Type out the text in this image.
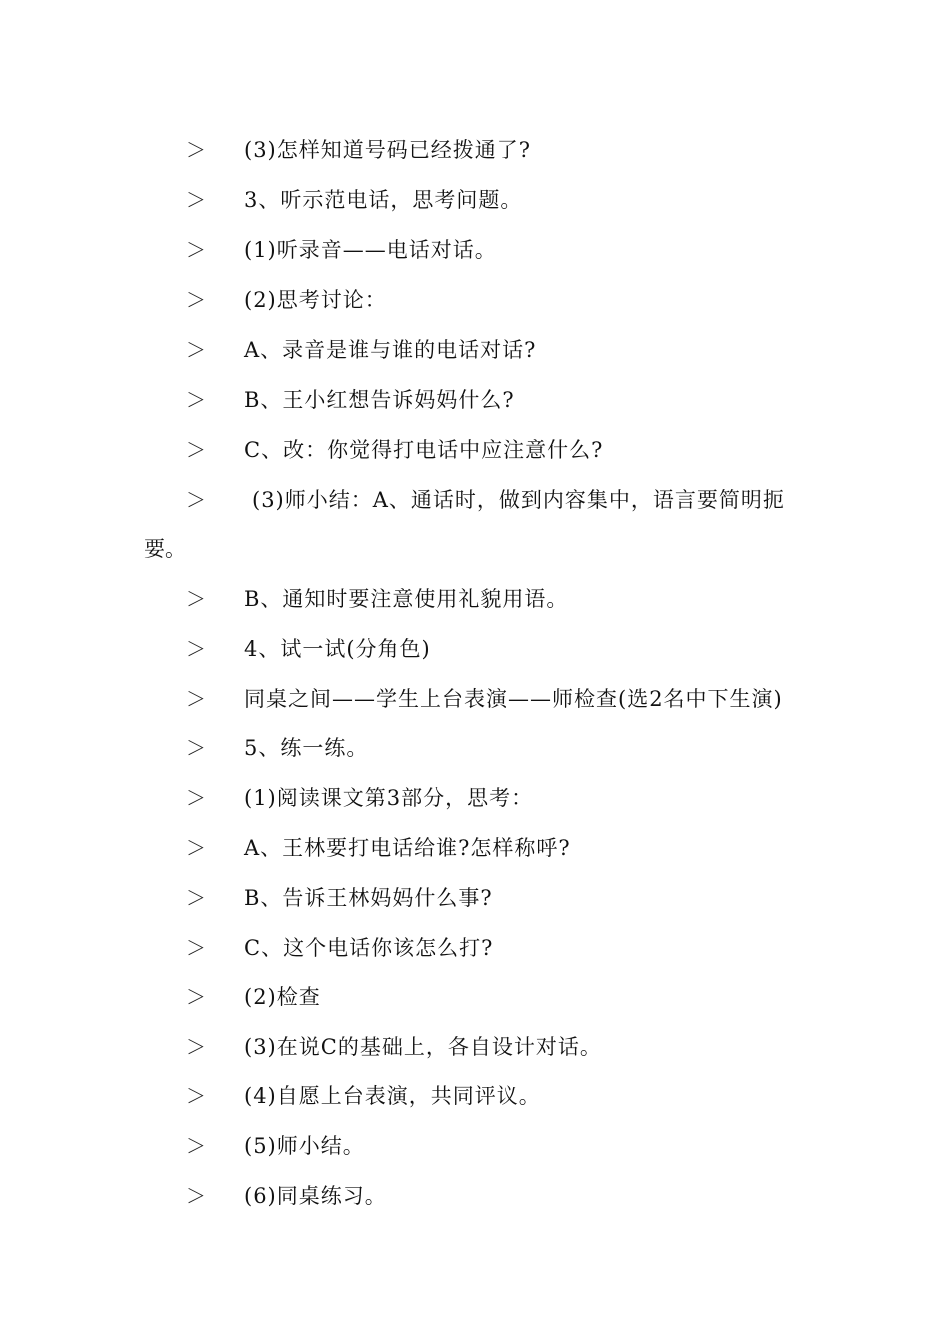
＞ (3)怎样知道号码已经拨通了?
＞ 3、听示范电话，思考问题。
＞ (1)听录音——电话对话。
＞ (2)思考讨论：
＞ A、录音是谁与谁的电话对话?
＞ B、王小红想告诉妈妈什么?
＞ C、改：你觉得打电话中应注意什么?
＞ (3)师小结：A、通话时，做到内容集中，语言要简明扼
要。
＞ B、通知时要注意使用礼貌用语。
＞ 4、试一试(分角色)
＞ 同桌之间——学生上台表演——师检查(选2名中下生演)
＞ 5、练一练。
＞ (1)阅读课文第3部分，思考：
＞ A、王林要打电话给谁?怎样称呼?
＞ B、告诉王林妈妈什么事?
＞ C、这个电话你该怎么打?
＞ (2)检查
＞ (3)在说C的基础上，各自设计对话。
＞ (4)自愿上台表演，共同评议。
＞ (5)师小结。
＞ (6)同桌练习。
